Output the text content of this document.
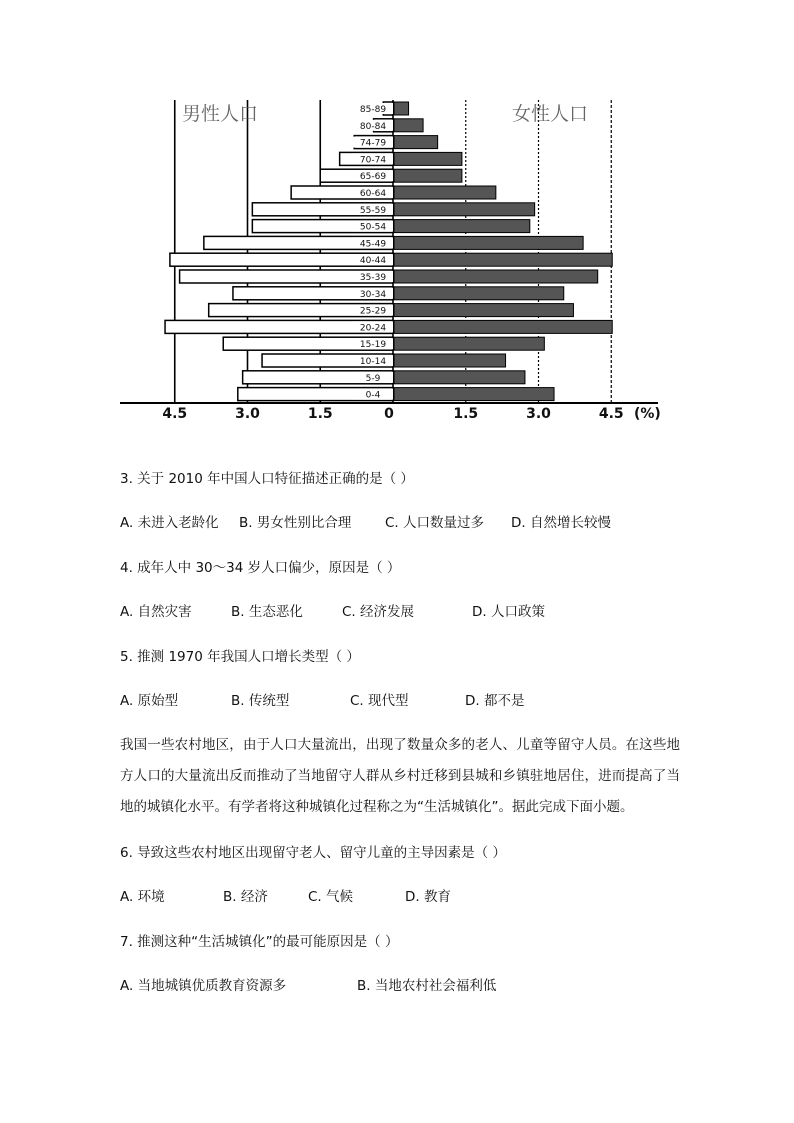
85-89
80-84
74-79
70-74
65-69
60-64
55-59
50-54
45-49
40-44
35-39
30-34
25-29
20-24
15-19
10-14
5-9
0-4
4.5	3.0	1.5	0	1.5	3.0	4.5
男性人口	女性人口
(%)
3. 关于 2010 年中国人口特征描述正确的是（ ）
A. 未进入老龄化 B. 男女性别比合理 C. 人口数量过多 D. 自然增长较慢
4. 成年人中 30～34 岁人口偏少，原因是（ ）
A. 自然灾害	B. 生态恶化	C. 经济发展	D. 人口政策
5. 推测 1970 年我国人口增长类型（ ）
A. 原始型	B. 传统型	C. 现代型	D. 都不是

我国一些农村地区，由于人口大量流出，出现了数量众多的老人、儿童等留守人员。在这些地方人口的大量流出反而推动了当地留守人群从乡村迁移到县城和乡镇驻地居住，进而提高了当地的城镇化水平。有学者将这种城镇化过程称之为“生活城镇化”。据此完成下面小题。

6. 导致这些农村地区出现留守老人、留守儿童的主导因素是（ ）
A. 环境	B. 经济	C. 气候	D. 教育
7. 推测这种“生活城镇化”的最可能原因是（ ）
A. 当地城镇优质教育资源多	B. 当地农村社会福利低
